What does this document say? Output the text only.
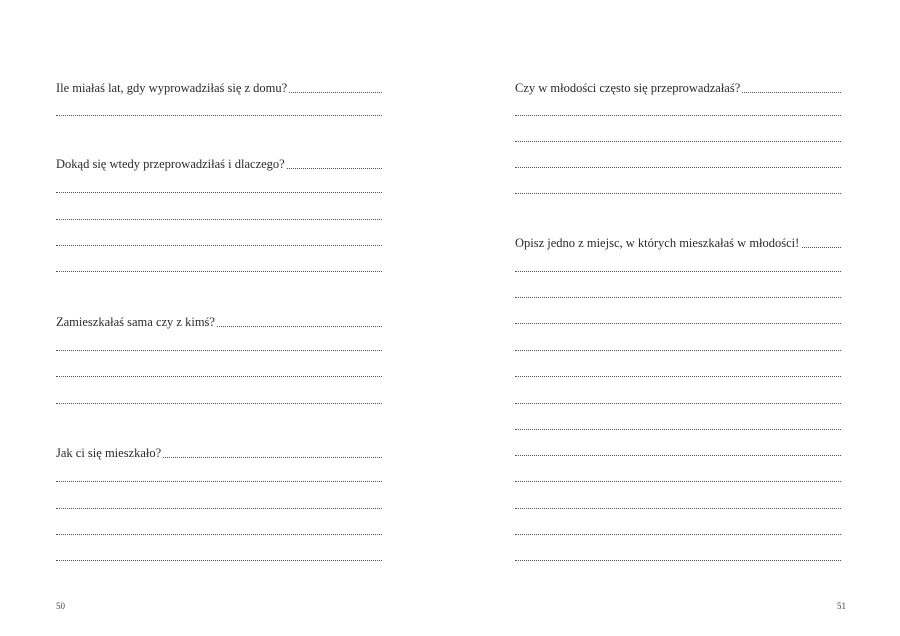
Ile miałaś lat, gdy wyprowadziłaś się z domu?
Dokąd się wtedy przeprowadziłaś i dlaczego?
Zamieszkałaś sama czy z kimś?
Jak ci się mieszkało?
50
Czy w młodości często się przeprowadzałaś?
Opisz jedno z miejsc, w których mieszkałaś w młodości!
51
